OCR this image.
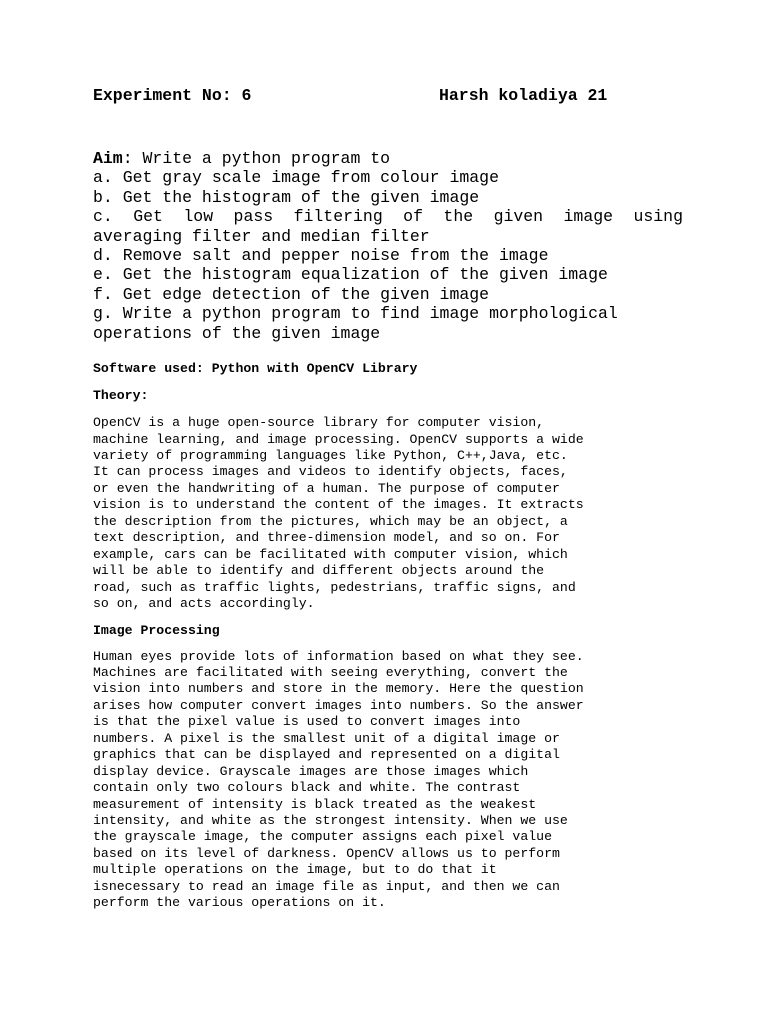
Experiment No: 6	Harsh koladiya 21
Aim: Write a python program to
a. Get gray scale image from colour image
b. Get the histogram of the given image
c. Get low pass filtering of the given image using
averaging filter and median filter
d. Remove salt and pepper noise from the image
e. Get the histogram equalization of the given image
f. Get edge detection of the given image
g. Write a python program to find image morphological
operations of the given image
Software used: Python with OpenCV Library
Theory:

OpenCV is a huge open-source library for computer vision,
machine learning, and image processing. OpenCV supports a wide
variety of programming languages like Python, C++,Java, etc.
It can process images and videos to identify objects, faces,
or even the handwriting of a human. The purpose of computer
vision is to understand the content of the images. It extracts
the description from the pictures, which may be an object, a
text description, and three-dimension model, and so on. For
example, cars can be facilitated with computer vision, which
will be able to identify and different objects around the
road, such as traffic lights, pedestrians, traffic signs, and
so on, and acts accordingly.

Image Processing

Human eyes provide lots of information based on what they see.
Machines are facilitated with seeing everything, convert the
vision into numbers and store in the memory. Here the question
arises how computer convert images into numbers. So the answer
is that the pixel value is used to convert images into
numbers. A pixel is the smallest unit of a digital image or
graphics that can be displayed and represented on a digital
display device. Grayscale images are those images which
contain only two colours black and white. The contrast
measurement of intensity is black treated as the weakest
intensity, and white as the strongest intensity. When we use
the grayscale image, the computer assigns each pixel value
based on its level of darkness. OpenCV allows us to perform
multiple operations on the image, but to do that it
isnecessary to read an image file as input, and then we can
perform the various operations on it.
